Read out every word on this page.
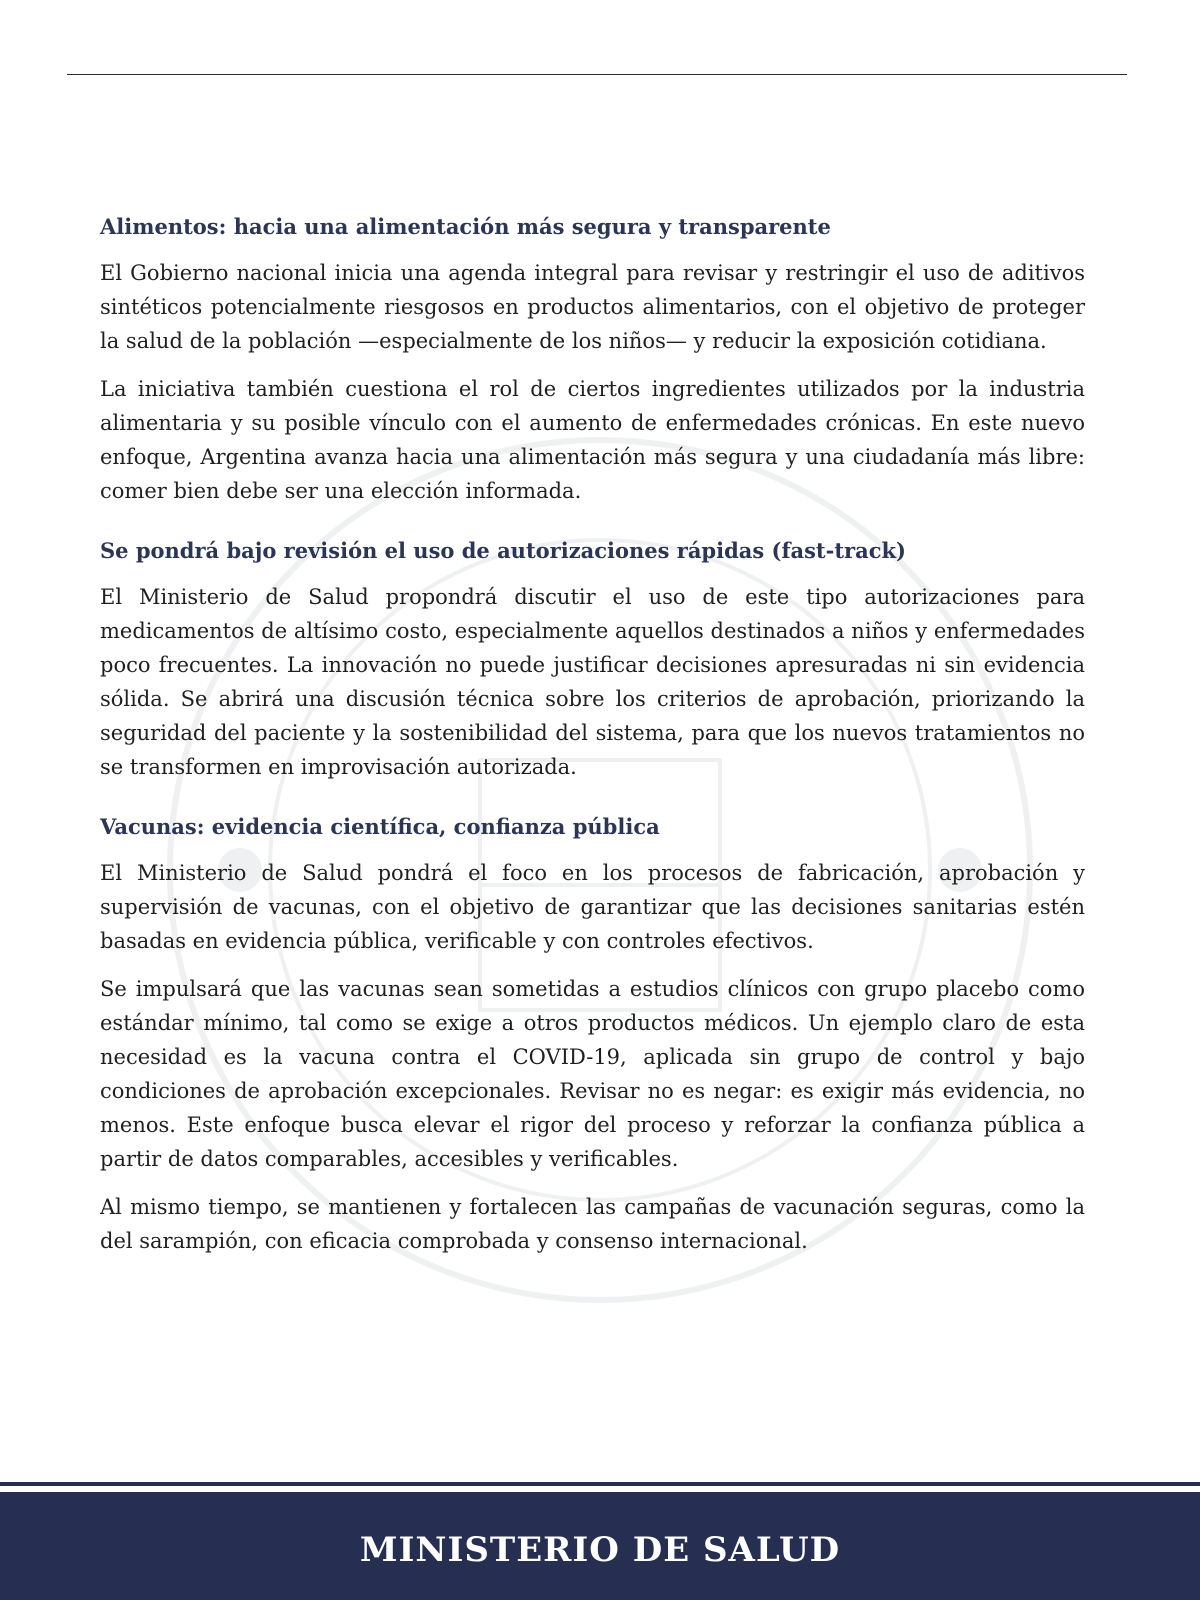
Alimentos: hacia una alimentación más segura y transparente

El Gobierno nacional inicia una agenda integral para revisar y restringir el uso de aditivos sintéticos potencialmente riesgosos en productos alimentarios, con el objetivo de proteger la salud de la población —especialmente de los niños— y reducir la exposición cotidiana.

La iniciativa también cuestiona el rol de ciertos ingredientes utilizados por la industria alimentaria y su posible vínculo con el aumento de enfermedades crónicas. En este nuevo enfoque, Argentina avanza hacia una alimentación más segura y una ciudadanía más libre: comer bien debe ser una elección informada.

Se pondrá bajo revisión el uso de autorizaciones rápidas (fast-track)

El Ministerio de Salud propondrá discutir el uso de este tipo autorizaciones para medicamentos de altísimo costo, especialmente aquellos destinados a niños y enfermedades poco frecuentes. La innovación no puede justificar decisiones apresuradas ni sin evidencia sólida. Se abrirá una discusión técnica sobre los criterios de aprobación, priorizando la seguridad del paciente y la sostenibilidad del sistema, para que los nuevos tratamientos no se transformen en improvisación autorizada.

Vacunas: evidencia científica, confianza pública

El Ministerio de Salud pondrá el foco en los procesos de fabricación, aprobación y supervisión de vacunas, con el objetivo de garantizar que las decisiones sanitarias estén basadas en evidencia pública, verificable y con controles efectivos.

Se impulsará que las vacunas sean sometidas a estudios clínicos con grupo placebo como estándar mínimo, tal como se exige a otros productos médicos. Un ejemplo claro de esta necesidad es la vacuna contra el COVID-19, aplicada sin grupo de control y bajo condiciones de aprobación excepcionales. Revisar no es negar: es exigir más evidencia, no menos. Este enfoque busca elevar el rigor del proceso y reforzar la confianza pública a partir de datos comparables, accesibles y verificables.

Al mismo tiempo, se mantienen y fortalecen las campañas de vacunación seguras, como la del sarampión, con eficacia comprobada y consenso internacional.

MINISTERIO DE SALUD
